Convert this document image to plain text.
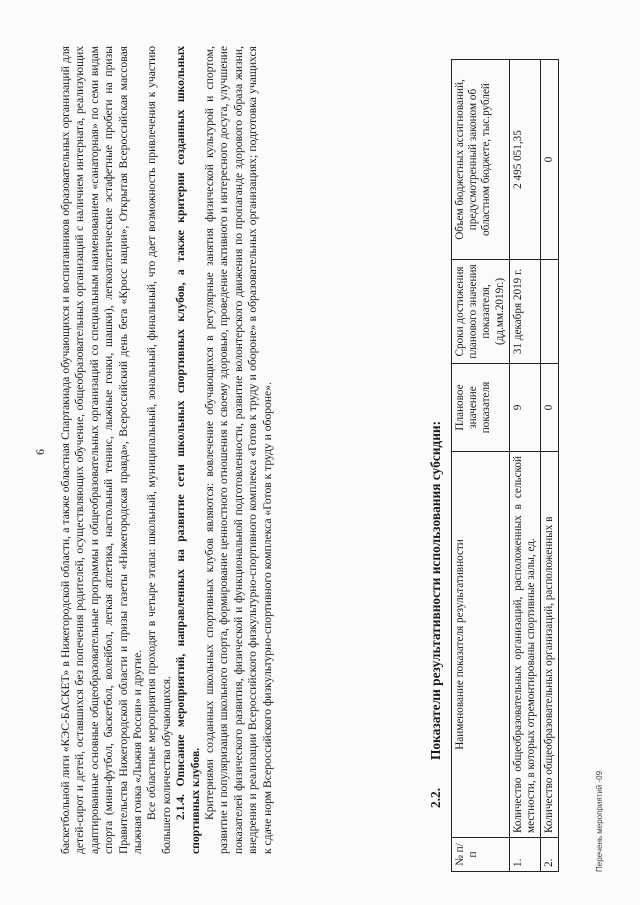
6 баскетбольной лиги «КЭС-БАСКЕТ» в Нижегородской области, а также областная Спартакиада обучающихся и воспитанников образовательных организаций для детей-сирот и детей, оставшихся без попечения родителей, осуществляющих обучение, общеобразовательных организаций с наличием интерната, реализующих адаптированные основные общеобразовательные программы и общеобразовательных организаций со специальным наименованием «санаторная» по семи видам спорта (мини-футбол, баскетбол, волейбол, легкая атлетика, настольный теннис, лыжные гонки, шашки), легкоатлетические эстафетные пробеги на призы Правительства Нижегородской области и призы газеты «Нижегородская правда», Всероссийский день бега «Кросс нации», Открытая Всероссийская массовая лыжная гонка «Лыжня России» и другие. Все областные мероприятия проходят в четыре этапа: школьный, муниципальный, зональный, финальный, что дает возможность привлечения к участию большего количества обучающихся. 2.1.4. Описание мероприятий, направленных на развитие сети школьных спортивных клубов, а также критерии созданных школьных спортивных клубов. Критериями созданных школьных спортивных клубов являются: вовлечение обучающихся в регулярные занятия физической культурой и спортом, развитие и популяризация школьного спорта, формирование ценностного отношения к своему здоровью, проведение активного и интересного досуга, улучшение показателей физического развития, физической и функциональной подготовленности, развитие волонтерского движения по пропаганде здорового образа жизни, внедрения и реализации Всероссийского физкультурно-спортивного комплекса «Готов к труду и обороне» в образовательных организациях; подготовка учащихся к сдаче норм Всероссийского физкультурно-спортивного комплекса «Готов к труду и обороне».	2.2.Показатели результативности использования субсидии:
№ п/п	Наименование показателя результативности	Плановое значение показателя	Сроки достижения планового значения показателя, (дд.мм.2019г.)	Объем бюджетных ассигнований, предусмотренный законом об областном бюджете, тыс.рублей
1.	Количество общеобразовательных организаций, расположенных в сельской местности, в которых отремонтированы спортивные залы, ед.	9	31 декабря 2019 г.	2 495 051,35
2.	Количество общеобразовательных организаций, расположенных в	0		0
Перечень мероприятий -09
